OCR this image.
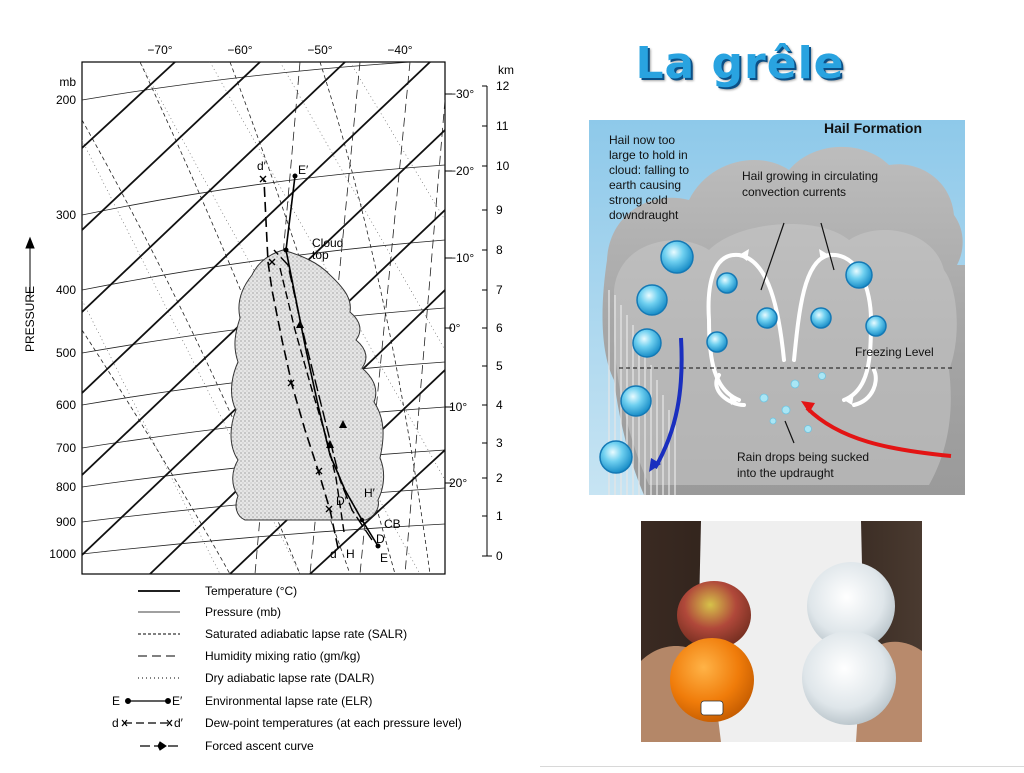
La grêle
d′	E′
Cloud
top
D′
H′
CB
D
d H E
−70°	−60°	−50°	−40°
mb
200
300
400
500
600
700
800
900
1000
PRESSURE
km
12
11
10
9
8
7
6
5
4
3
2
1
0
−30°
−20°
−10°
0°
10°
20°
Temperature (°C)
Pressure (mb)
Saturated adiabatic lapse rate (SALR)
Humidity mixing ratio (gm/kg)
Dry adiabatic lapse rate (DALR)
E	E′ Environmental lapse rate (ELR)
d	d′ Dew-point temperatures (at each pressure level)
Forced ascent curve
Hail Formation
Hail now too
large to hold in
cloud: falling to
earth causing
strong cold
downdraught
Hail growing in circulating
convection currents
Freezing Level
Rain drops being sucked
into the updraught
